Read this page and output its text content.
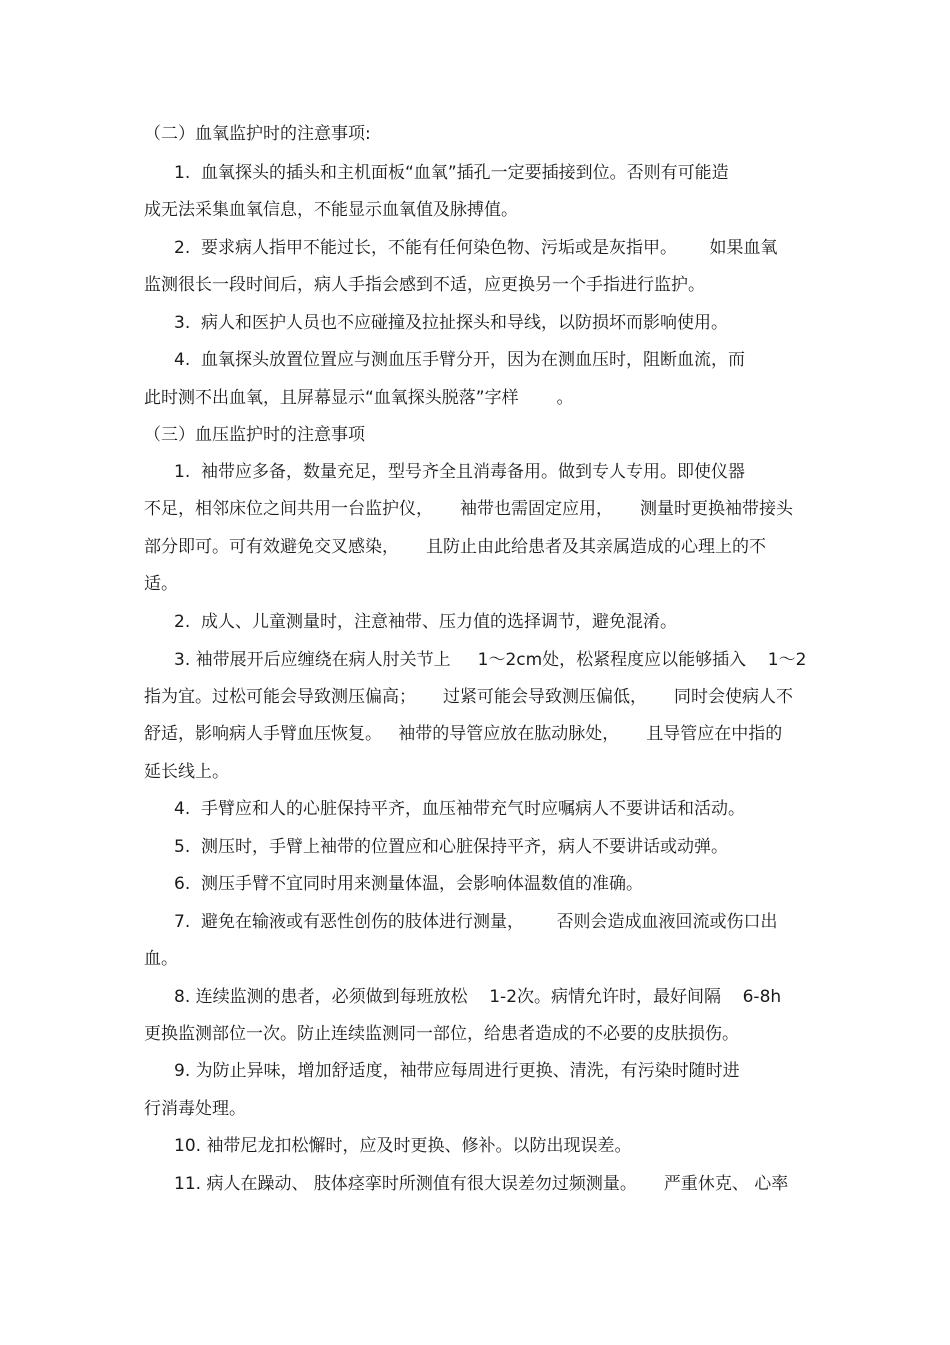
（二）血氧监护时的注意事项:
1.  血氧探头的插头和主机面板“血氧”插孔一定要插接到位。否则有可能造
成无法采集血氧信息，不能显示血氧值及脉搏值。
2.  要求病人指甲不能过长，不能有任何染色物、污垢或是灰指甲。      如果血氧
监测很长一段时间后，病人手指会感到不适，应更换另一个手指进行监护。
3.  病人和医护人员也不应碰撞及拉扯探头和导线，以防损坏而影响使用。
4.  血氧探头放置位置应与测血压手臂分开，因为在测血压时，阻断血流，而
此时测不出血氧，且屏幕显示“血氧探头脱落”字样       。
（三）血压监护时的注意事项
1.  袖带应多备，数量充足，型号齐全且消毒备用。做到专人专用。即使仪器
不足，相邻床位之间共用一台监护仪，     袖带也需固定应用，     测量时更换袖带接头
部分即可。可有效避免交叉感染，     且防止由此给患者及其亲属造成的心理上的不
适。
2.  成人、儿童测量时，注意袖带、压力值的选择调节，避免混淆。
3. 袖带展开后应缠绕在病人肘关节上     1～2cm处，松紧程度应以能够插入    1～2
指为宜。过松可能会导致测压偏高；     过紧可能会导致测压偏低，     同时会使病人不
舒适，影响病人手臂血压恢复。   袖带的导管应放在肱动脉处，     且导管应在中指的
延长线上。
4.  手臂应和人的心脏保持平齐，血压袖带充气时应嘱病人不要讲话和活动。
5.  测压时，手臂上袖带的位置应和心脏保持平齐，病人不要讲话或动弹。
6.  测压手臂不宜同时用来测量体温，会影响体温数值的准确。
7.  避免在输液或有恶性创伤的肢体进行测量，      否则会造成血液回流或伤口出
血。
8. 连续监测的患者，必须做到每班放松    1-2次。病情允许时，最好间隔    6-8h
更换监测部位一次。防止连续监测同一部位，给患者造成的不必要的皮肤损伤。
9. 为防止异味，增加舒适度，袖带应每周进行更换、清洗，有污染时随时进
行消毒处理。
10. 袖带尼龙扣松懈时，应及时更换、修补。以防出现误差。
11. 病人在躁动、 肢体痉挛时所测值有很大误差勿过频测量。     严重休克、 心率
